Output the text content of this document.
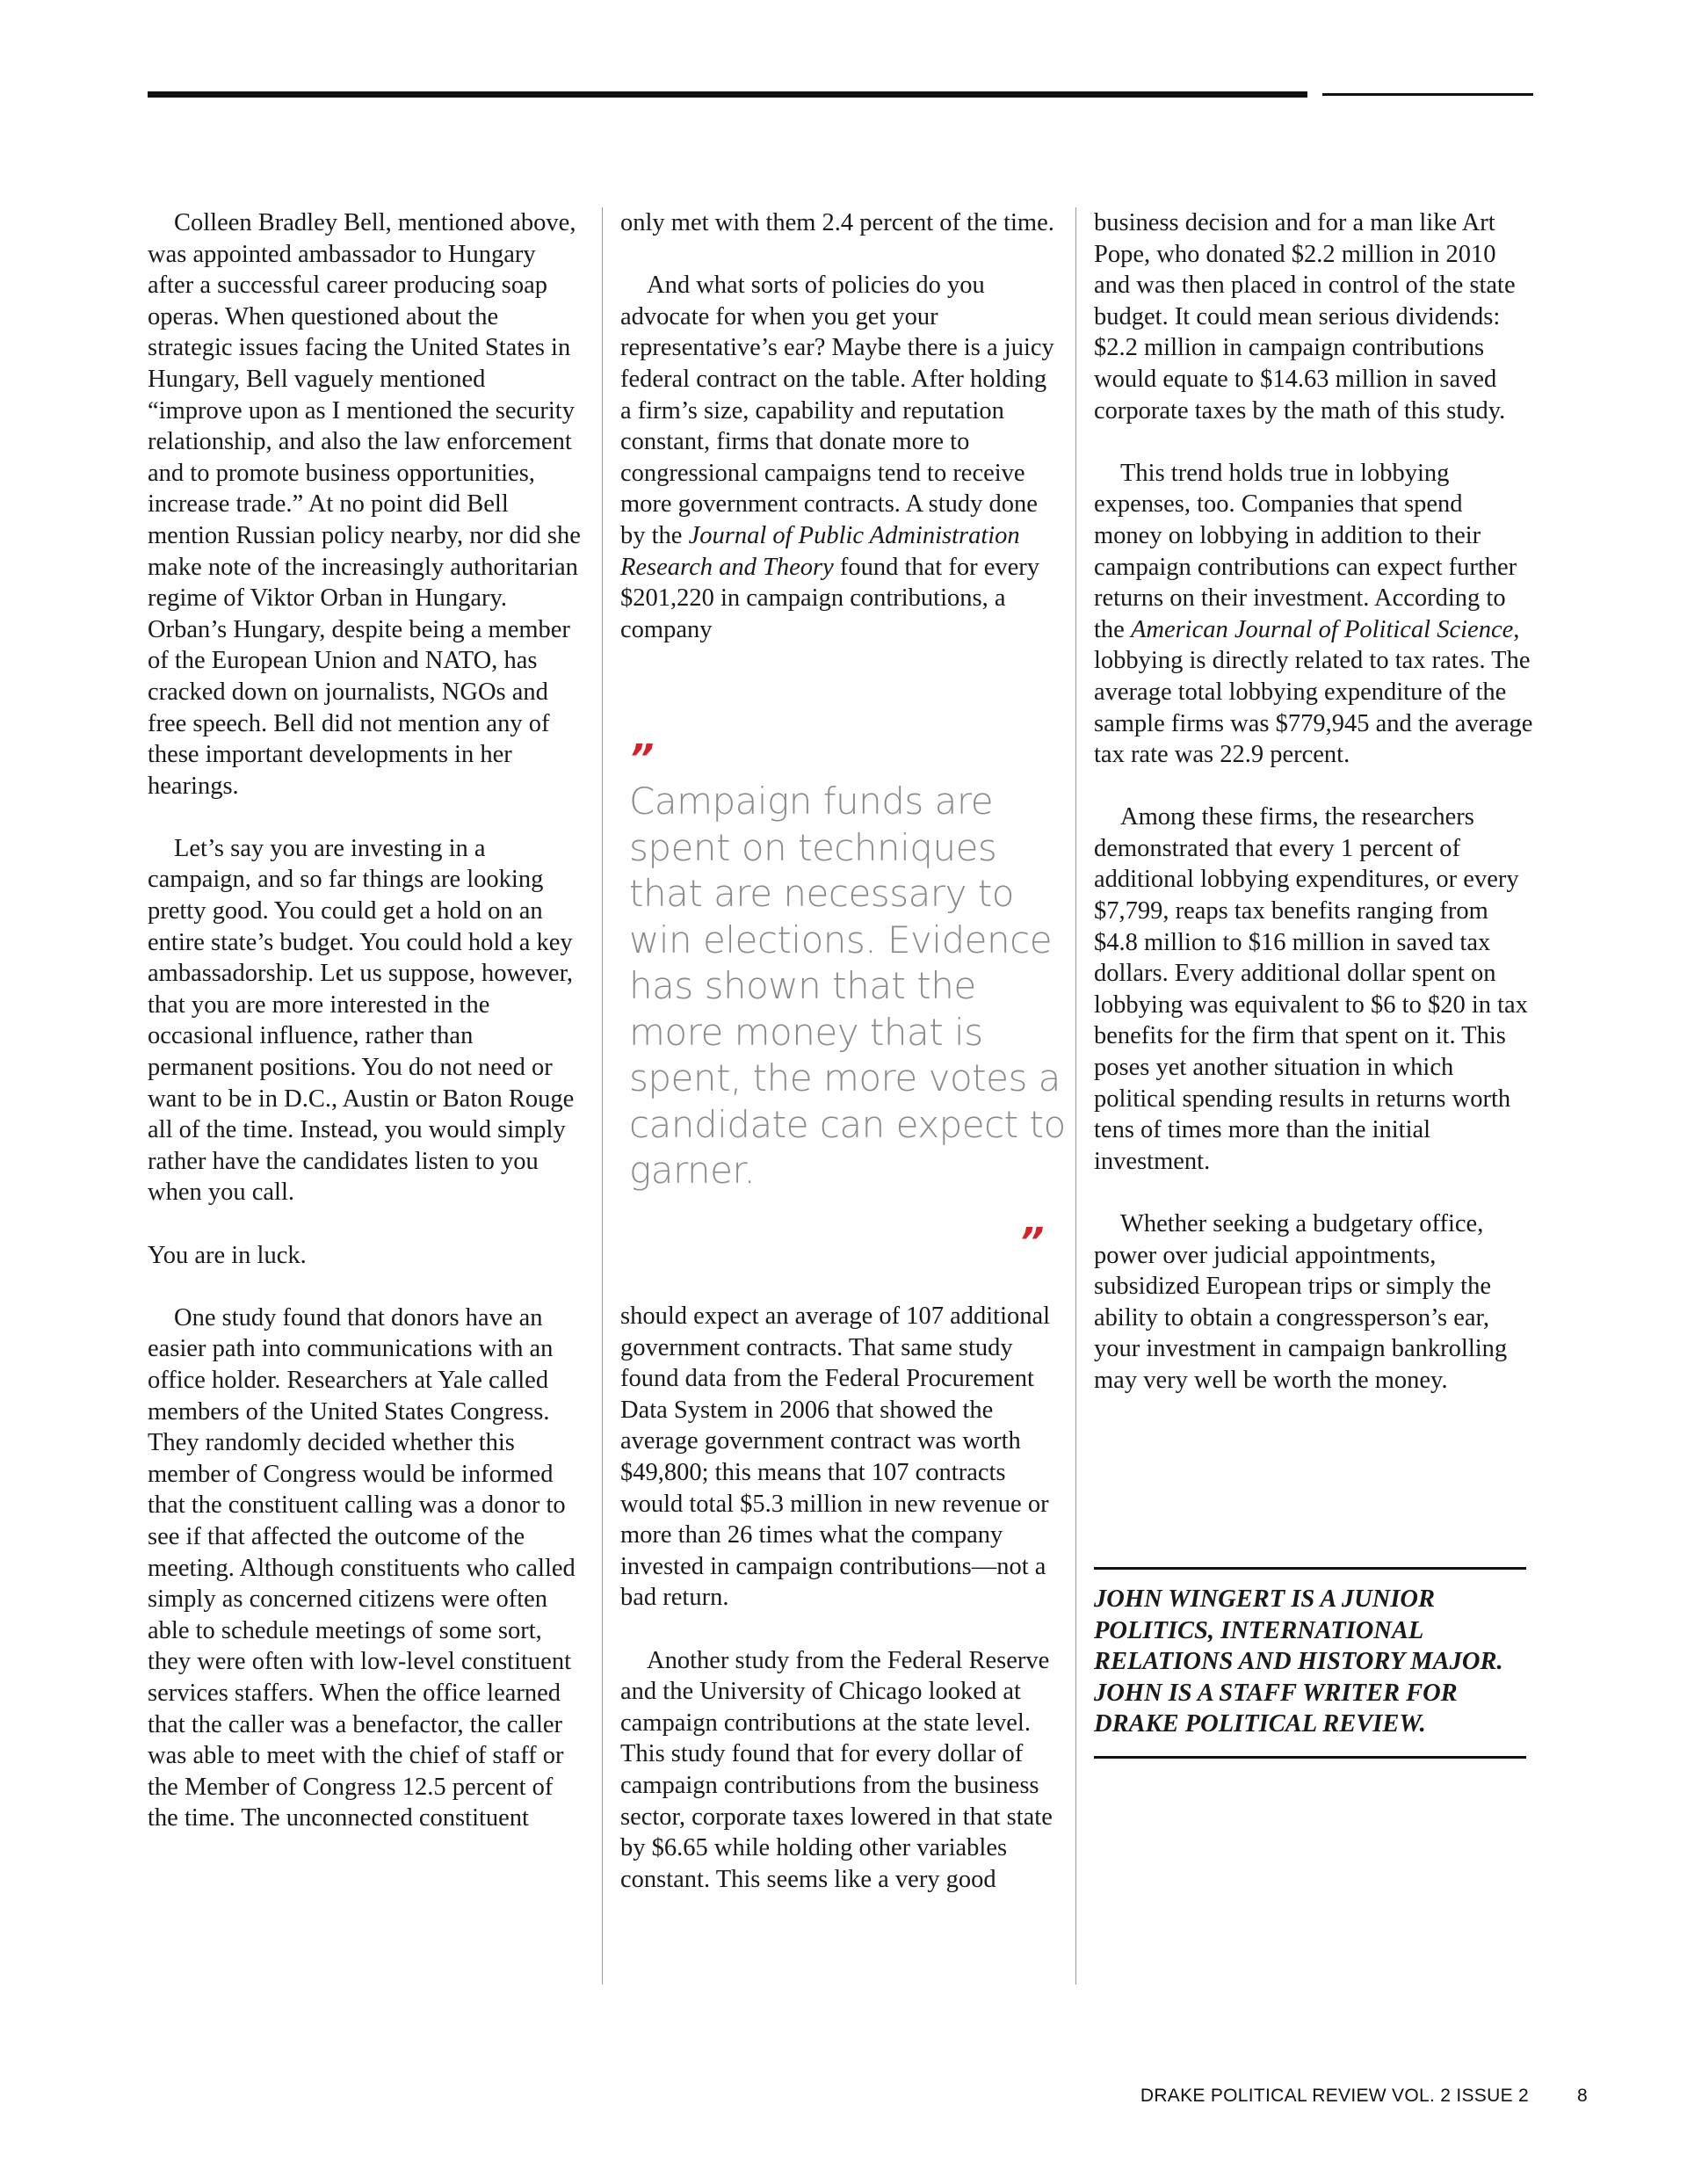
Colleen Bradley Bell, mentioned above, was appointed ambassador to Hungary after a successful career producing soap operas. When questioned about the strategic issues facing the United States in Hungary, Bell vaguely mentioned “improve upon as I mentioned the security relationship, and also the law enforcement and to promote business opportunities, increase trade.” At no point did Bell mention Russian policy nearby, nor did she make note of the increasingly authoritarian regime of Viktor Orban in Hungary. Orban’s Hungary, despite being a member of the European Union and NATO, has cracked down on journalists, NGOs and free speech. Bell did not mention any of these important developments in her hearings.

Let’s say you are investing in a campaign, and so far things are looking pretty good. You could get a hold on an entire state’s budget. You could hold a key ambassadorship. Let us suppose, however, that you are more interested in the occasional influence, rather than permanent positions. You do not need or want to be in D.C., Austin or Baton Rouge all of the time. Instead, you would simply rather have the candidates listen to you when you call.

You are in luck.

One study found that donors have an easier path into communications with an office holder. Researchers at Yale called members of the United States Congress. They randomly decided whether this member of Congress would be informed that the constituent calling was a donor to see if that affected the outcome of the meeting. Although constituents who called simply as concerned citizens were often able to schedule meetings of some sort, they were often with low-level constituent services staffers. When the office learned that the caller was a benefactor, the caller was able to meet with the chief of staff or the Member of Congress 12.5 percent of the time. The unconnected constituent

only met with them 2.4 percent of the time.

And what sorts of policies do you advocate for when you get your representative’s ear? Maybe there is a juicy federal contract on the table. After holding a firm’s size, capability and reputation constant, firms that donate more to congressional campaigns tend to receive more government contracts. A study done by the Journal of Public Administration Research and Theory found that for every $201,220 in campaign contributions, a company

”
Campaign funds are spent on techniques that are necessary to win elections. Evidence has shown that the more money that is spent, the more votes a candidate can expect to garner.
”

should expect an average of 107 additional government contracts. That same study found data from the Federal Procurement Data System in 2006 that showed the average government contract was worth $49,800; this means that 107 contracts would total $5.3 million in new revenue or more than 26 times what the company invested in campaign contributions—not a bad return.

Another study from the Federal Reserve and the University of Chicago looked at campaign contributions at the state level. This study found that for every dollar of campaign contributions from the business sector, corporate taxes lowered in that state by $6.65 while holding other variables constant. This seems like a very good

business decision and for a man like Art Pope, who donated $2.2 million in 2010 and was then placed in control of the state budget. It could mean serious dividends: $2.2 million in campaign contributions would equate to $14.63 million in saved corporate taxes by the math of this study.

This trend holds true in lobbying expenses, too. Companies that spend money on lobbying in addition to their campaign contributions can expect further returns on their investment. According to the American Journal of Political Science, lobbying is directly related to tax rates. The average total lobbying expenditure of the sample firms was $779,945 and the average tax rate was 22.9 percent.

Among these firms, the researchers demonstrated that every 1 percent of additional lobbying expenditures, or every $7,799, reaps tax benefits ranging from $4.8 million to $16 million in saved tax dollars. Every additional dollar spent on lobbying was equivalent to $6 to $20 in tax benefits for the firm that spent on it. This poses yet another situation in which political spending results in returns worth tens of times more than the initial investment.

Whether seeking a budgetary office, power over judicial appointments, subsidized European trips or simply the ability to obtain a congressperson’s ear, your investment in campaign bankrolling may very well be worth the money.

JOHN WINGERT IS A JUNIOR POLITICS, INTERNATIONAL RELATIONS AND HISTORY MAJOR. JOHN IS A STAFF WRITER FOR DRAKE POLITICAL REVIEW.
DRAKE POLITICAL REVIEW VOL. 2 ISSUE 2	8
